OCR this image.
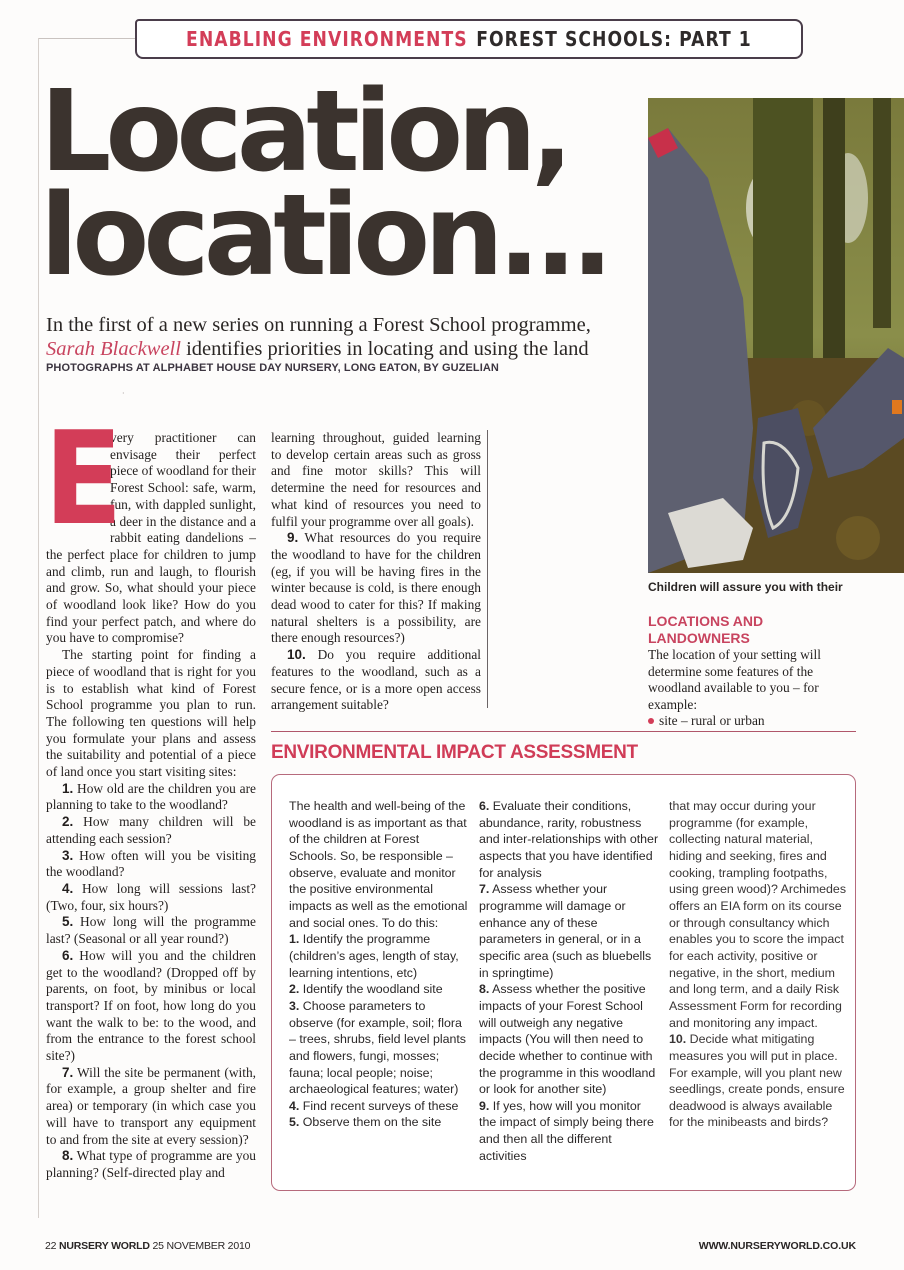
ENABLING ENVIRONMENTS FOREST SCHOOLS: PART 1
Location,
location...
In the first of a new series on running a Forest School programme,
Sarah Blackwell identifies priorities in locating and using the land
PHOTOGRAPHS AT ALPHABET HOUSE DAY NURSERY, LONG EATON, BY GUZELIAN
·
E

very practitioner can envisage their perfect piece of woodland for their Forest School: safe, warm, fun, with dappled sunlight, a deer in the distance and a rabbit eating dandelions – the perfect place for children to jump and climb, run and laugh, to flourish and grow. So, what should your piece of woodland look like? How do you find your perfect patch, and where do you have to compromise?

The starting point for finding a piece of woodland that is right for you is to establish what kind of Forest School programme you plan to run. The following ten questions will help you formulate your plans and assess the suitability and potential of a piece of land once you start visiting sites:

1. How old are the children you are planning to take to the woodland?

2. How many children will be attending each session?

3. How often will you be visiting the woodland?

4. How long will sessions last? (Two, four, six hours?)

5. How long will the programme last? (Seasonal or all year round?)

6. How will you and the children get to the woodland? (Dropped off by parents, on foot, by minibus or local transport? If on foot, how long do you want the walk to be: to the wood, and from the entrance to the forest school site?)

7. Will the site be permanent (with, for example, a group shelter and fire area) or temporary (in which case you will have to transport any equipment to and from the site at every session)?

8. What type of programme are you planning? (Self-directed play and

learning throughout, guided learning to develop certain areas such as gross and fine motor skills? This will determine the need for resources and what kind of resources you need to fulfil your programme over all goals).

9. What resources do you require the woodland to have for the children (eg, if you will be having fires in the winter because is cold, is there enough dead wood to cater for this? If making natural shelters is a possibility, are there enough resources?)

10. Do you require additional features to the woodland, such as a secure fence, or is a more open access arrangement suitable?

Children will assure you with their
LOCATIONS AND
LANDOWNERS

The location of your setting will determine some features of the woodland available to you – for example:

site – rural or urban

ENVIRONMENTAL IMPACT ASSESSMENT

The health and well-being of the woodland is as important as that of the children at Forest Schools. So, be responsible – observe, evaluate and monitor the positive environmental impacts as well as the emotional and social ones. To do this:

1. Identify the programme (children’s ages, length of stay, learning intentions, etc)

2. Identify the woodland site

3. Choose parameters to observe (for example, soil; flora – trees, shrubs, field level plants and flowers, fungi, mosses; fauna; local people; noise; archaeological features; water)

4. Find recent surveys of these

5. Observe them on the site

6. Evaluate their conditions, abundance, rarity, robustness and inter-relationships with other aspects that you have identified for analysis

7. Assess whether your programme will damage or enhance any of these parameters in general, or in a specific area (such as bluebells in springtime)

8. Assess whether the positive impacts of your Forest School will outweigh any negative impacts (You will then need to decide whether to continue with the programme in this woodland or look for another site)

9. If yes, how will you monitor the impact of simply being there and then all the different activities

that may occur during your programme (for example, collecting natural material, hiding and seeking, fires and cooking, trampling footpaths, using green wood)? Archimedes offers an EIA form on its course or through consultancy which enables you to score the impact for each activity, positive or negative, in the short, medium and long term, and a daily Risk Assessment Form for recording and monitoring any impact.

10. Decide what mitigating measures you will put in place. For example, will you plant new seedlings, create ponds, ensure deadwood is always available for the minibeasts and birds?

22 NURSERY WORLD 25 NOVEMBER 2010	WWW.NURSERYWORLD.CO.UK
